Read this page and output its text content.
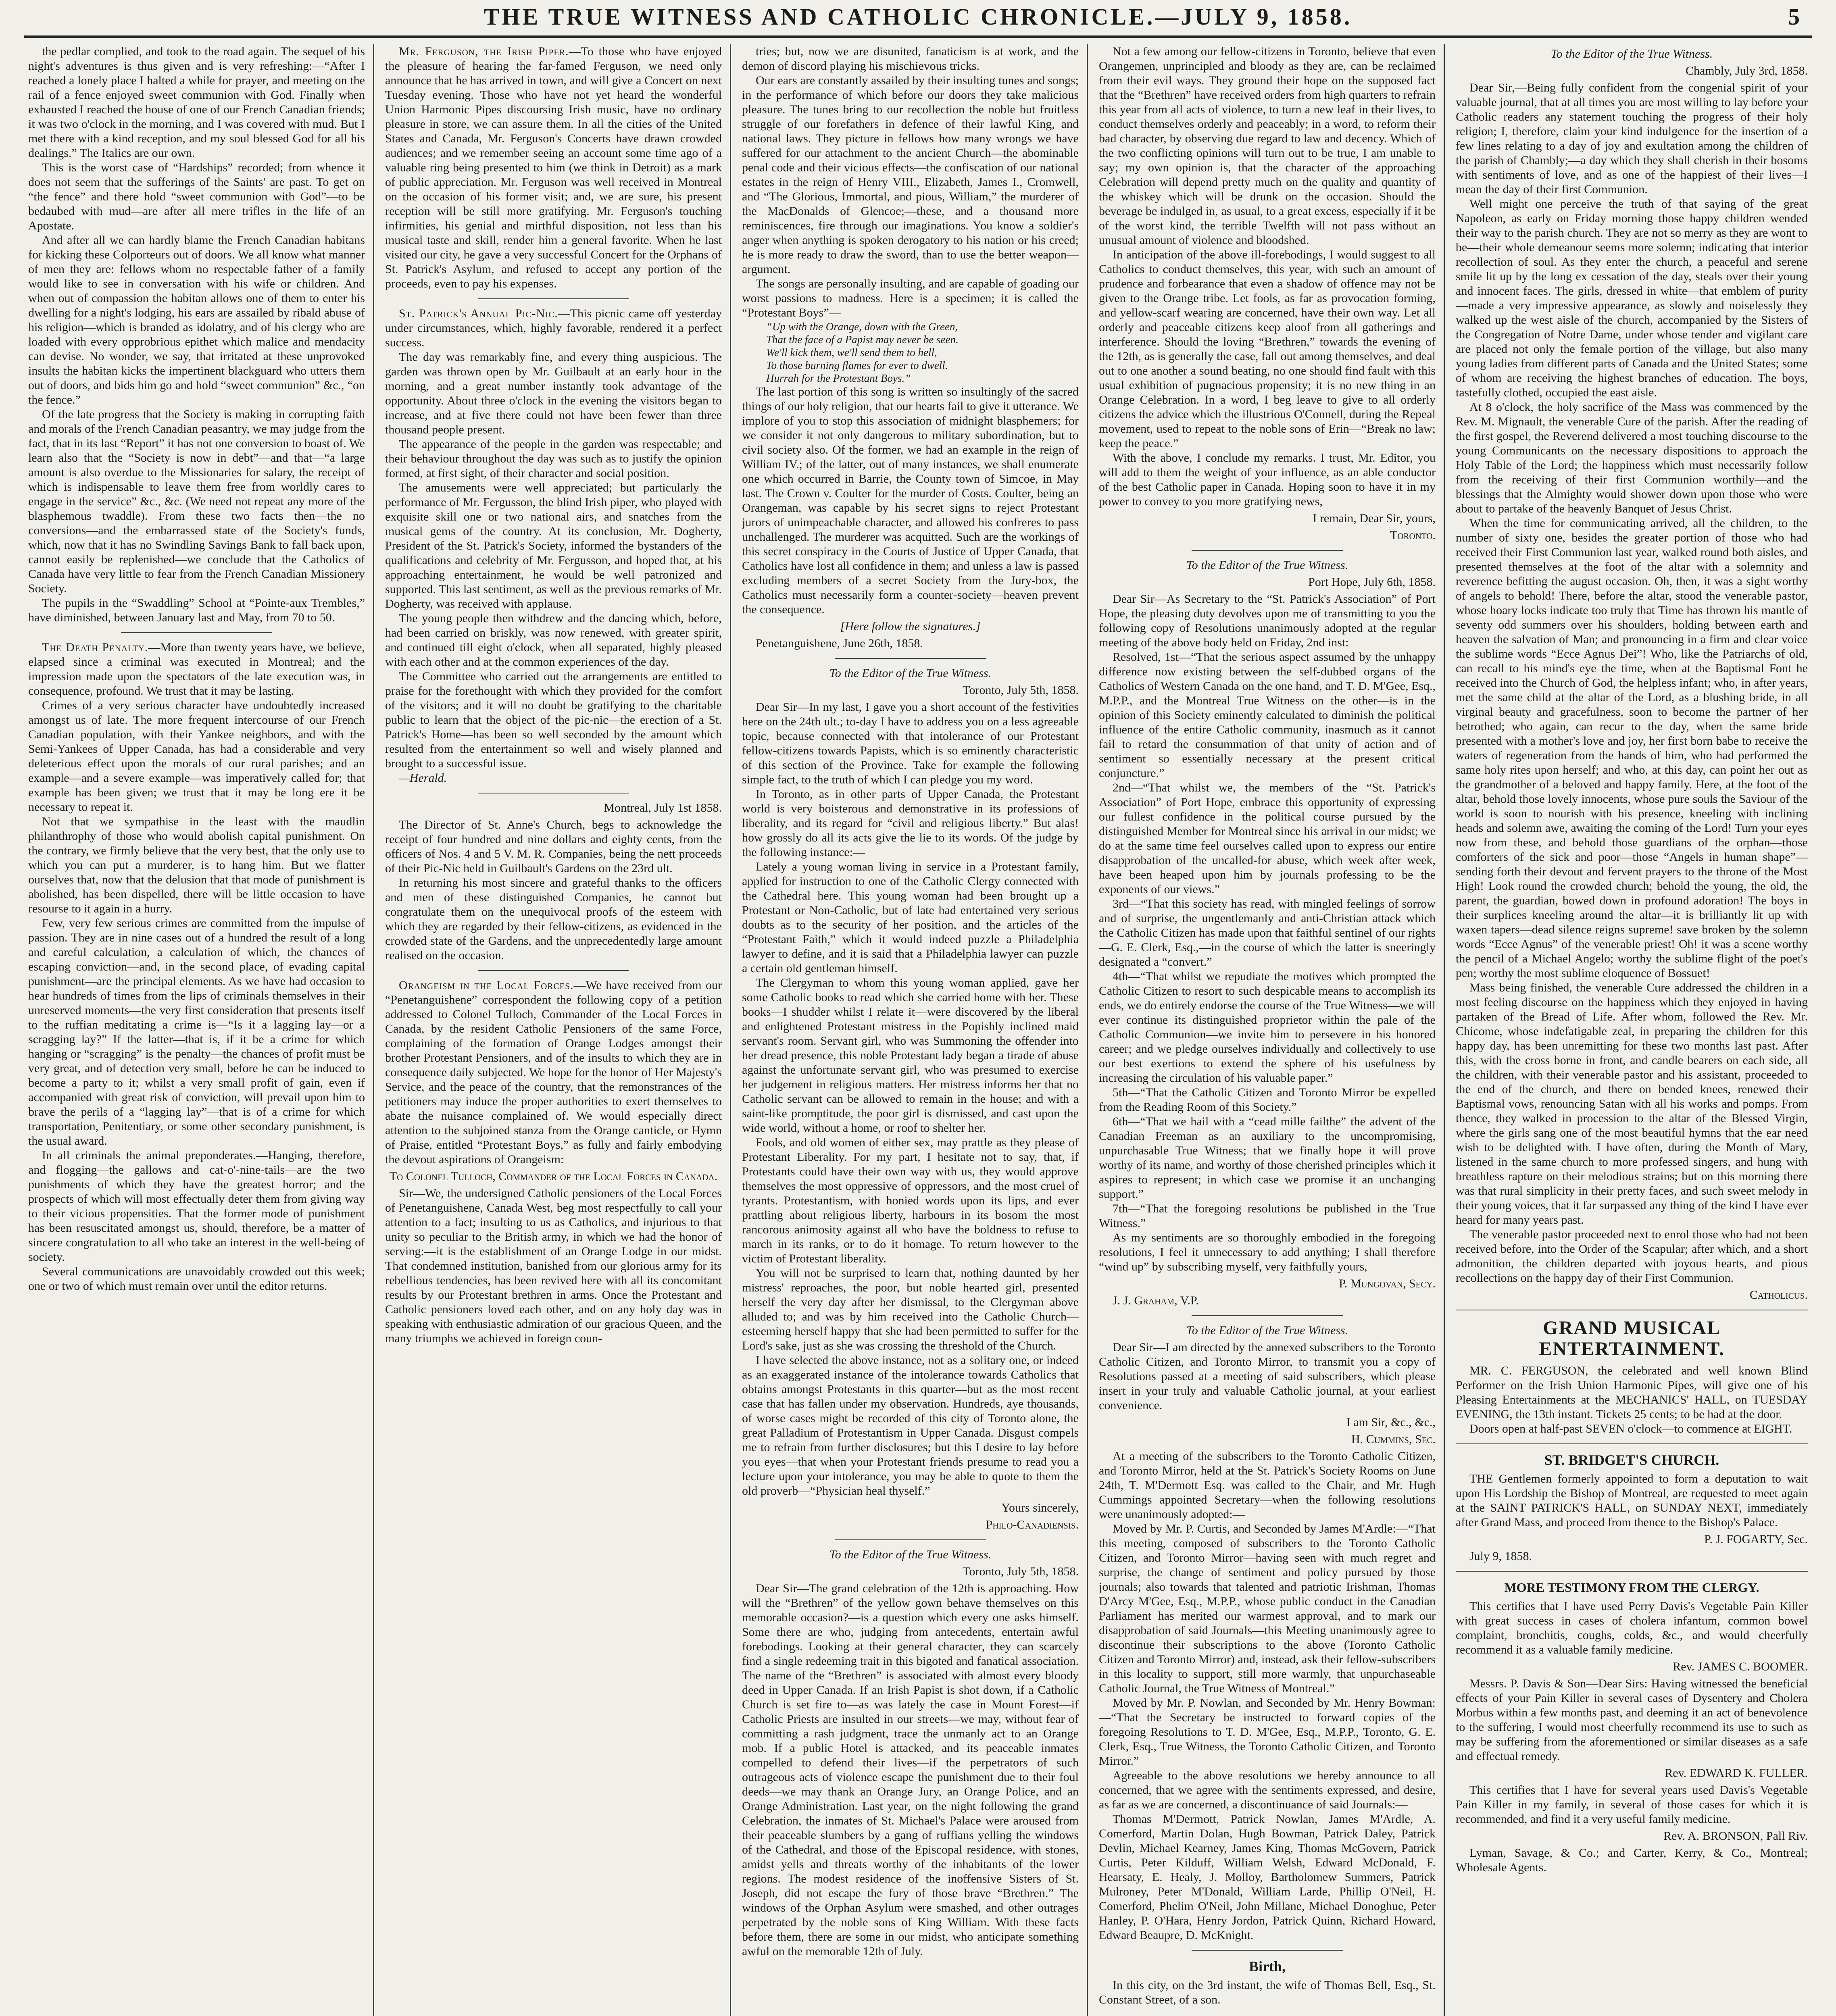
THE TRUE WITNESS AND CATHOLIC CHRONICLE.—JULY 9, 1858.	5

the pedlar complied, and took to the road again. The sequel of his night's adventures is thus given and is very refreshing:—“After I reached a lonely place I halted a while for prayer, and meeting on the rail of a fence enjoyed sweet communion with God. Finally when exhausted I reached the house of one of our French Canadian friends; it was two o'clock in the morning, and I was covered with mud. But I met there with a kind reception, and my soul blessed God for all his dealings.” The Italics are our own.

This is the worst case of “Hardships” recorded; from whence it does not seem that the sufferings of the Saints' are past. To get on “the fence” and there hold “sweet communion with God”—to be bedaubed with mud—are after all mere trifles in the life of an Apostate.

And after all we can hardly blame the French Canadian habitans for kicking these Colporteurs out of doors. We all know what manner of men they are: fellows whom no respectable father of a family would like to see in conversation with his wife or children. And when out of compassion the habitan allows one of them to enter his dwelling for a night's lodging, his ears are assailed by ribald abuse of his religion—which is branded as idolatry, and of his clergy who are loaded with every opprobrious epithet which malice and mendacity can devise. No wonder, we say, that irritated at these unprovoked insults the habitan kicks the impertinent blackguard who utters them out of doors, and bids him go and hold “sweet communion” &c., “on the fence.”

Of the late progress that the Society is making in corrupting faith and morals of the French Canadian peasantry, we may judge from the fact, that in its last “Report” it has not one conversion to boast of. We learn also that the “Society is now in debt”—and that—“a large amount is also overdue to the Missionaries for salary, the receipt of which is indispensable to leave them free from worldly cares to engage in the service” &c., &c. (We need not repeat any more of the blasphemous twaddle). From these two facts then—the no conversions—and the embarrassed state of the Society's funds, which, now that it has no Swindling Savings Bank to fall back upon, cannot easily be replenished—we conclude that the Catholics of Canada have very little to fear from the French Canadian Missionery Society.

The pupils in the “Swaddling” School at “Pointe-aux Trembles,” have diminished, between January last and May, from 70 to 50.

The Death Penalty.—More than twenty years have, we believe, elapsed since a criminal was executed in Montreal; and the impression made upon the spectators of the late execution was, in consequence, profound. We trust that it may be lasting.

Crimes of a very serious character have undoubtedly increased amongst us of late. The more frequent intercourse of our French Canadian population, with their Yankee neighbors, and with the Semi-Yankees of Upper Canada, has had a considerable and very deleterious effect upon the morals of our rural parishes; and an example—and a severe example—was imperatively called for; that example has been given; we trust that it may be long ere it be necessary to repeat it.

Not that we sympathise in the least with the maudlin philanthrophy of those who would abolish capital punishment. On the contrary, we firmly believe that the very best, that the only use to which you can put a murderer, is to hang him. But we flatter ourselves that, now that the delusion that that mode of punishment is abolished, has been dispelled, there will be little occasion to have resourse to it again in a hurry.

Few, very few serious crimes are committed from the impulse of passion. They are in nine cases out of a hundred the result of a long and careful calculation, a calculation of which, the chances of escaping conviction—and, in the second place, of evading capital punishment—are the principal elements. As we have had occasion to hear hundreds of times from the lips of criminals themselves in their unreserved moments—the very first consideration that presents itself to the ruffian meditating a crime is—“Is it a lagging lay—or a scragging lay?” If the latter—that is, if it be a crime for which hanging or “scragging” is the penalty—the chances of profit must be very great, and of detection very small, before he can be induced to become a party to it; whilst a very small profit of gain, even if accompanied with great risk of conviction, will prevail upon him to brave the perils of a “lagging lay”—that is of a crime for which transportation, Penitentiary, or some other secondary punishment, is the usual award.

In all criminals the animal preponderates.—Hanging, therefore, and flogging—the gallows and cat-o'-nine-tails—are the two punishments of which they have the greatest horror; and the prospects of which will most effectually deter them from giving way to their vicious propensities. That the former mode of punishment has been resuscitated amongst us, should, therefore, be a matter of sincere congratulation to all who take an interest in the well-being of society.

Several communications are unavoidably crowded out this week; one or two of which must remain over until the editor returns.

Mr. Ferguson, the Irish Piper.—To those who have enjoyed the pleasure of hearing the far-famed Ferguson, we need only announce that he has arrived in town, and will give a Concert on next Tuesday evening. Those who have not yet heard the wonderful Union Harmonic Pipes discoursing Irish music, have no ordinary pleasure in store, we can assure them. In all the cities of the United States and Canada, Mr. Ferguson's Concerts have drawn crowded audiences; and we remember seeing an account some time ago of a valuable ring being presented to him (we think in Detroit) as a mark of public appreciation. Mr. Ferguson was well received in Montreal on the occasion of his former visit; and, we are sure, his present reception will be still more gratifying. Mr. Ferguson's touching infirmities, his genial and mirthful disposition, not less than his musical taste and skill, render him a general favorite. When he last visited our city, he gave a very successful Concert for the Orphans of St. Patrick's Asylum, and refused to accept any portion of the proceeds, even to pay his expenses.

St. Patrick's Annual Pic-Nic.—This picnic came off yesterday under circumstances, which, highly favorable, rendered it a perfect success.

The day was remarkably fine, and every thing auspicious. The garden was thrown open by Mr. Guilbault at an early hour in the morning, and a great number instantly took advantage of the opportunity. About three o'clock in the evening the visitors began to increase, and at five there could not have been fewer than three thousand people present.

The appearance of the people in the garden was respectable; and their behaviour throughout the day was such as to justify the opinion formed, at first sight, of their character and social position.

The amusements were well appreciated; but particularly the performance of Mr. Fergusson, the blind Irish piper, who played with exquisite skill one or two national airs, and snatches from the musical gems of the country. At its conclusion, Mr. Dogherty, President of the St. Patrick's Society, informed the bystanders of the qualifications and celebrity of Mr. Fergusson, and hoped that, at his approaching entertainment, he would be well patronized and supported. This last sentiment, as well as the previous remarks of Mr. Dogherty, was received with applause.

The young people then withdrew and the dancing which, before, had been carried on briskly, was now renewed, with greater spirit, and continued till eight o'clock, when all separated, highly pleased with each other and at the common experiences of the day.

The Committee who carried out the arrangements are entitled to praise for the forethought with which they provided for the comfort of the visitors; and it will no doubt be gratifying to the charitable public to learn that the object of the pic-nic—the erection of a St. Patrick's Home—has been so well seconded by the amount which resulted from the entertainment so well and wisely planned and brought to a successful issue.

—Herald.

Montreal, July 1st 1858.

The Director of St. Anne's Church, begs to acknowledge the receipt of four hundred and nine dollars and eighty cents, from the officers of Nos. 4 and 5 V. M. R. Companies, being the nett proceeds of their Pic-Nic held in Guilbault's Gardens on the 23rd ult.

In returning his most sincere and grateful thanks to the officers and men of these distinguished Companies, he cannot but congratulate them on the unequivocal proofs of the esteem with which they are regarded by their fellow-citizens, as evidenced in the crowded state of the Gardens, and the unprecedentedly large amount realised on the occasion.

Orangeism in the Local Forces.—We have received from our “Penetanguishene” correspondent the following copy of a petition addressed to Colonel Tulloch, Commander of the Local Forces in Canada, by the resident Catholic Pensioners of the same Force, complaining of the formation of Orange Lodges amongst their brother Protestant Pensioners, and of the insults to which they are in consequence daily subjected. We hope for the honor of Her Majesty's Service, and the peace of the country, that the remonstrances of the petitioners may induce the proper authorities to exert themselves to abate the nuisance complained of. We would especially direct attention to the subjoined stanza from the Orange canticle, or Hymn of Praise, entitled “Protestant Boys,” as fully and fairly embodying the devout aspirations of Orangeism:

To Colonel Tulloch, Commander of the Local Forces in Canada.

Sir—We, the undersigned Catholic pensioners of the Local Forces of Penetanguishene, Canada West, beg most respectfully to call your attention to a fact; insulting to us as Catholics, and injurious to that unity so peculiar to the British army, in which we had the honor of serving:—it is the establishment of an Orange Lodge in our midst. That condemned institution, banished from our glorious army for its rebellious tendencies, has been revived here with all its concomitant results by our Protestant brethren in arms. Once the Protestant and Catholic pensioners loved each other, and on any holy day was in speaking with enthusiastic admiration of our gracious Queen, and the many triumphs we achieved in foreign coun-

tries; but, now we are disunited, fanaticism is at work, and the demon of discord playing his mischievous tricks.

Our ears are constantly assailed by their insulting tunes and songs; in the performance of which before our doors they take malicious pleasure. The tunes bring to our recollection the noble but fruitless struggle of our forefathers in defence of their lawful King, and national laws. They picture in fellows how many wrongs we have suffered for our attachment to the ancient Church—the abominable penal code and their vicious effects—the confiscation of our national estates in the reign of Henry VIII., Elizabeth, James I., Cromwell, and “The Glorious, Immortal, and pious, William,” the murderer of the MacDonalds of Glencoe;—these, and a thousand more reminiscences, fire through our imaginations. You know a soldier's anger when anything is spoken derogatory to his nation or his creed; he is more ready to draw the sword, than to use the better weapon—argument.

The songs are personally insulting, and are capable of goading our worst passions to madness. Here is a specimen; it is called the “Protestant Boys”—

“Up with the Orange, down with the Green,

That the face of a Papist may never be seen.

We'll kick them, we'll send them to hell,

To those burning flames for ever to dwell.

Hurrah for the Protestant Boys.”

The last portion of this song is written so insultingly of the sacred things of our holy religion, that our hearts fail to give it utterance. We implore of you to stop this association of midnight blasphemers; for we consider it not only dangerous to military subordination, but to civil society also. Of the former, we had an example in the reign of William IV.; of the latter, out of many instances, we shall enumerate one which occurred in Barrie, the County town of Simcoe, in May last. The Crown v. Coulter for the murder of Costs. Coulter, being an Orangeman, was capable by his secret signs to reject Protestant jurors of unimpeachable character, and allowed his confreres to pass unchallenged. The murderer was acquitted. Such are the workings of this secret conspiracy in the Courts of Justice of Upper Canada, that Catholics have lost all confidence in them; and unless a law is passed excluding members of a secret Society from the Jury-box, the Catholics must necessarily form a counter-society—heaven prevent the consequence.

[Here follow the signatures.]

Penetanguishene, June 26th, 1858.

To the Editor of the True Witness.

Toronto, July 5th, 1858.

Dear Sir—In my last, I gave you a short account of the festivities here on the 24th ult.; to-day I have to address you on a less agreeable topic, because connected with that intolerance of our Protestant fellow-citizens towards Papists, which is so eminently characteristic of this section of the Province. Take for example the following simple fact, to the truth of which I can pledge you my word.

In Toronto, as in other parts of Upper Canada, the Protestant world is very boisterous and demonstrative in its professions of liberality, and its regard for “civil and religious liberty.” But alas! how grossly do all its acts give the lie to its words. Of the judge by the following instance:—

Lately a young woman living in service in a Protestant family, applied for instruction to one of the Catholic Clergy connected with the Cathedral here. This young woman had been brought up a Protestant or Non-Catholic, but of late had entertained very serious doubts as to the security of her position, and the articles of the “Protestant Faith,” which it would indeed puzzle a Philadelphia lawyer to define, and it is said that a Philadelphia lawyer can puzzle a certain old gentleman himself.

The Clergyman to whom this young woman applied, gave her some Catholic books to read which she carried home with her. These books—I shudder whilst I relate it—were discovered by the liberal and enlightened Protestant mistress in the Popishly inclined maid servant's room. Servant girl, who was Summoning the offender into her dread presence, this noble Protestant lady began a tirade of abuse against the unfortunate servant girl, who was presumed to exercise her judgement in religious matters. Her mistress informs her that no Catholic servant can be allowed to remain in the house; and with a saint-like promptitude, the poor girl is dismissed, and cast upon the wide world, without a home, or roof to shelter her.

Fools, and old women of either sex, may prattle as they please of Protestant Liberality. For my part, I hesitate not to say, that, if Protestants could have their own way with us, they would approve themselves the most oppressive of oppressors, and the most cruel of tyrants. Protestantism, with honied words upon its lips, and ever prattling about religious liberty, harbours in its bosom the most rancorous animosity against all who have the boldness to refuse to march in its ranks, or to do it homage. To return however to the victim of Protestant liberality.

You will not be surprised to learn that, nothing daunted by her mistress' reproaches, the poor, but noble hearted girl, presented herself the very day after her dismissal, to the Clergyman above alluded to; and was by him received into the Catholic Church—esteeming herself happy that she had been permitted to suffer for the Lord's sake, just as she was crossing the threshold of the Church.

I have selected the above instance, not as a solitary one, or indeed as an exaggerated instance of the intolerance towards Catholics that obtains amongst Protestants in this quarter—but as the most recent case that has fallen under my observation. Hundreds, aye thousands, of worse cases might be recorded of this city of Toronto alone, the great Palladium of Protestantism in Upper Canada. Disgust compels me to refrain from further disclosures; but this I desire to lay before you eyes—that when your Protestant friends presume to read you a lecture upon your intolerance, you may be able to quote to them the old proverb—“Physician heal thyself.”

Yours sincerely,

Philo-Canadiensis.

To the Editor of the True Witness.

Toronto, July 5th, 1858.

Dear Sir—The grand celebration of the 12th is approaching. How will the “Brethren” of the yellow gown behave themselves on this memorable occasion?—is a question which every one asks himself. Some there are who, judging from antecedents, entertain awful forebodings. Looking at their general character, they can scarcely find a single redeeming trait in this bigoted and fanatical association. The name of the “Brethren” is associated with almost every bloody deed in Upper Canada. If an Irish Papist is shot down, if a Catholic Church is set fire to—as was lately the case in Mount Forest—if Catholic Priests are insulted in our streets—we may, without fear of committing a rash judgment, trace the unmanly act to an Orange mob. If a public Hotel is attacked, and its peaceable inmates compelled to defend their lives—if the perpetrators of such outrageous acts of violence escape the punishment due to their foul deeds—we may thank an Orange Jury, an Orange Police, and an Orange Administration. Last year, on the night following the grand Celebration, the inmates of St. Michael's Palace were aroused from their peaceable slumbers by a gang of ruffians yelling the windows of the Cathedral, and those of the Episcopal residence, with stones, amidst yells and threats worthy of the inhabitants of the lower regions. The modest residence of the inoffensive Sisters of St. Joseph, did not escape the fury of those brave “Brethren.” The windows of the Orphan Asylum were smashed, and other outrages perpetrated by the noble sons of King William. With these facts before them, there are some in our midst, who anticipate something awful on the memorable 12th of July.

Not a few among our fellow-citizens in Toronto, believe that even Orangemen, unprincipled and bloody as they are, can be reclaimed from their evil ways. They ground their hope on the supposed fact that the “Brethren” have received orders from high quarters to refrain this year from all acts of violence, to turn a new leaf in their lives, to conduct themselves orderly and peaceably; in a word, to reform their bad character, by observing due regard to law and decency. Which of the two conflicting opinions will turn out to be true, I am unable to say; my own opinion is, that the character of the approaching Celebration will depend pretty much on the quality and quantity of the whiskey which will be drunk on the occasion. Should the beverage be indulged in, as usual, to a great excess, especially if it be of the worst kind, the terrible Twelfth will not pass without an unusual amount of violence and bloodshed.

In anticipation of the above ill-forebodings, I would suggest to all Catholics to conduct themselves, this year, with such an amount of prudence and forbearance that even a shadow of offence may not be given to the Orange tribe. Let fools, as far as provocation forming, and yellow-scarf wearing are concerned, have their own way. Let all orderly and peaceable citizens keep aloof from all gatherings and interference. Should the loving “Brethren,” towards the evening of the 12th, as is generally the case, fall out among themselves, and deal out to one another a sound beating, no one should find fault with this usual exhibition of pugnacious propensity; it is no new thing in an Orange Celebration. In a word, I beg leave to give to all orderly citizens the advice which the illustrious O'Connell, during the Repeal movement, used to repeat to the noble sons of Erin—“Break no law; keep the peace.”

With the above, I conclude my remarks. I trust, Mr. Editor, you will add to them the weight of your influence, as an able conductor of the best Catholic paper in Canada. Hoping soon to have it in my power to convey to you more gratifying news,

I remain, Dear Sir, yours,

Toronto.

To the Editor of the True Witness.

Port Hope, July 6th, 1858.

Dear Sir—As Secretary to the “St. Patrick's Association” of Port Hope, the pleasing duty devolves upon me of transmitting to you the following copy of Resolutions unanimously adopted at the regular meeting of the above body held on Friday, 2nd inst:

Resolved, 1st—“That the serious aspect assumed by the unhappy difference now existing between the self-dubbed organs of the Catholics of Western Canada on the one hand, and T. D. M'Gee, Esq., M.P.P., and the Montreal True Witness on the other—is in the opinion of this Society eminently calculated to diminish the political influence of the entire Catholic community, inasmuch as it cannot fail to retard the consummation of that unity of action and of sentiment so essentially necessary at the present critical conjuncture.”

2nd—“That whilst we, the members of the “St. Patrick's Association” of Port Hope, embrace this opportunity of expressing our fullest confidence in the political course pursued by the distinguished Member for Montreal since his arrival in our midst; we do at the same time feel ourselves called upon to express our entire disapprobation of the uncalled-for abuse, which week after week, have been heaped upon him by journals professing to be the exponents of our views.”

3rd—“That this society has read, with mingled feelings of sorrow and of surprise, the ungentlemanly and anti-Christian attack which the Catholic Citizen has made upon that faithful sentinel of our rights—G. E. Clerk, Esq.,—in the course of which the latter is sneeringly designated a “convert.”

4th—“That whilst we repudiate the motives which prompted the Catholic Citizen to resort to such despicable means to accomplish its ends, we do entirely endorse the course of the True Witness—we will ever continue its distinguished proprietor within the pale of the Catholic Communion—we invite him to persevere in his honored career; and we pledge ourselves individually and collectively to use our best exertions to extend the sphere of his usefulness by increasing the circulation of his valuable paper.”

5th—“That the Catholic Citizen and Toronto Mirror be expelled from the Reading Room of this Society.”

6th—“That we hail with a “cead mille failthe” the advent of the Canadian Freeman as an auxiliary to the uncompromising, unpurchasable True Witness; that we finally hope it will prove worthy of its name, and worthy of those cherished principles which it aspires to represent; in which case we promise it an unchanging support.”

7th—“That the foregoing resolutions be published in the True Witness.”

As my sentiments are so thoroughly embodied in the foregoing resolutions, I feel it unnecessary to add anything; I shall therefore “wind up” by subscribing myself, very faithfully yours,

P. Mungovan, Secy.

J. J. Graham, V.P.

To the Editor of the True Witness.

Dear Sir—I am directed by the annexed subscribers to the Toronto Catholic Citizen, and Toronto Mirror, to transmit you a copy of Resolutions passed at a meeting of said subscribers, which please insert in your truly and valuable Catholic journal, at your earliest convenience.

I am Sir, &c., &c.,

H. Cummins, Sec.

At a meeting of the subscribers to the Toronto Catholic Citizen, and Toronto Mirror, held at the St. Patrick's Society Rooms on June 24th, T. M'Dermott Esq. was called to the Chair, and Mr. Hugh Cummings appointed Secretary—when the following resolutions were unanimously adopted:—

Moved by Mr. P. Curtis, and Seconded by James M'Ardle:—“That this meeting, composed of subscribers to the Toronto Catholic Citizen, and Toronto Mirror—having seen with much regret and surprise, the change of sentiment and policy pursued by those journals; also towards that talented and patriotic Irishman, Thomas D'Arcy M'Gee, Esq., M.P.P., whose public conduct in the Canadian Parliament has merited our warmest approval, and to mark our disapprobation of said Journals—this Meeting unanimously agree to discontinue their subscriptions to the above (Toronto Catholic Citizen and Toronto Mirror) and, instead, ask their fellow-subscribers in this locality to support, still more warmly, that unpurchaseable Catholic Journal, the True Witness of Montreal.”

Moved by Mr. P. Nowlan, and Seconded by Mr. Henry Bowman:—“That the Secretary be instructed to forward copies of the foregoing Resolutions to T. D. M'Gee, Esq., M.P.P., Toronto, G. E. Clerk, Esq., True Witness, the Toronto Catholic Citizen, and Toronto Mirror.”

Agreeable to the above resolutions we hereby announce to all concerned, that we agree with the sentiments expressed, and desire, as far as we are concerned, a discontinuance of said Journals:—

Thomas M'Dermott, Patrick Nowlan, James M'Ardle, A. Comerford, Martin Dolan, Hugh Bowman, Patrick Daley, Patrick Devlin, Michael Kearney, James King, Thomas McGovern, Patrick Curtis, Peter Kilduff, William Welsh, Edward McDonald, F. Hearsaty, E. Healy, J. Molloy, Bartholomew Summers, Patrick Mulroney, Peter M'Donald, William Larde, Phillip O'Neil, H. Comerford, Phelim O'Neil, John Millane, Michael Donoghue, Peter Hanley, P. O'Hara, Henry Jordon, Patrick Quinn, Richard Howard, Edward Beaupre, D. McKnight.

Birth,

In this city, on the 3rd instant, the wife of Thomas Bell, Esq., St. Constant Street, of a son.

To the Editor of the True Witness.

Chambly, July 3rd, 1858.

Dear Sir,—Being fully confident from the congenial spirit of your valuable journal, that at all times you are most willing to lay before your Catholic readers any statement touching the progress of their holy religion; I, therefore, claim your kind indulgence for the insertion of a few lines relating to a day of joy and exultation among the children of the parish of Chambly;—a day which they shall cherish in their bosoms with sentiments of love, and as one of the happiest of their lives—I mean the day of their first Communion.

Well might one perceive the truth of that saying of the great Napoleon, as early on Friday morning those happy children wended their way to the parish church. They are not so merry as they are wont to be—their whole demeanour seems more solemn; indicating that interior recollection of soul. As they enter the church, a peaceful and serene smile lit up by the long ex cessation of the day, steals over their young and innocent faces. The girls, dressed in white—that emblem of purity—made a very impressive appearance, as slowly and noiselessly they walked up the west aisle of the church, accompanied by the Sisters of the Congregation of Notre Dame, under whose tender and vigilant care are placed not only the female portion of the village, but also many young ladies from different parts of Canada and the United States; some of whom are receiving the highest branches of education. The boys, tastefully clothed, occupied the east aisle.

At 8 o'clock, the holy sacrifice of the Mass was commenced by the Rev. M. Mignault, the venerable Cure of the parish. After the reading of the first gospel, the Reverend delivered a most touching discourse to the young Communicants on the necessary dispositions to approach the Holy Table of the Lord; the happiness which must necessarily follow from the receiving of their first Communion worthily—and the blessings that the Almighty would shower down upon those who were about to partake of the heavenly Banquet of Jesus Christ.

When the time for communicating arrived, all the children, to the number of sixty one, besides the greater portion of those who had received their First Communion last year, walked round both aisles, and presented themselves at the foot of the altar with a solemnity and reverence befitting the august occasion. Oh, then, it was a sight worthy of angels to behold! There, before the altar, stood the venerable pastor, whose hoary locks indicate too truly that Time has thrown his mantle of seventy odd summers over his shoulders, holding between earth and heaven the salvation of Man; and pronouncing in a firm and clear voice the sublime words “Ecce Agnus Dei”! Who, like the Patriarchs of old, can recall to his mind's eye the time, when at the Baptismal Font he received into the Church of God, the helpless infant; who, in after years, met the same child at the altar of the Lord, as a blushing bride, in all virginal beauty and gracefulness, soon to become the partner of her betrothed; who again, can recur to the day, when the same bride presented with a mother's love and joy, her first born babe to receive the waters of regeneration from the hands of him, who had performed the same holy rites upon herself; and who, at this day, can point her out as the grandmother of a beloved and happy family. Here, at the foot of the altar, behold those lovely innocents, whose pure souls the Saviour of the world is soon to nourish with his presence, kneeling with inclining heads and solemn awe, awaiting the coming of the Lord! Turn your eyes now from these, and behold those guardians of the orphan—those comforters of the sick and poor—those “Angels in human shape”—sending forth their devout and fervent prayers to the throne of the Most High! Look round the crowded church; behold the young, the old, the parent, the guardian, bowed down in profound adoration! The boys in their surplices kneeling around the altar—it is brilliantly lit up with waxen tapers—dead silence reigns supreme! save broken by the solemn words “Ecce Agnus” of the venerable priest! Oh! it was a scene worthy the pencil of a Michael Angelo; worthy the sublime flight of the poet's pen; worthy the most sublime eloquence of Bossuet!

Mass being finished, the venerable Cure addressed the children in a most feeling discourse on the happiness which they enjoyed in having partaken of the Bread of Life. After whom, followed the Rev. Mr. Chicome, whose indefatigable zeal, in preparing the children for this happy day, has been unremitting for these two months last past. After this, with the cross borne in front, and candle bearers on each side, all the children, with their venerable pastor and his assistant, proceeded to the end of the church, and there on bended knees, renewed their Baptismal vows, renouncing Satan with all his works and pomps. From thence, they walked in procession to the altar of the Blessed Virgin, where the girls sang one of the most beautiful hymns that the ear need wish to be delighted with. I have often, during the Month of Mary, listened in the same church to more professed singers, and hung with breathless rapture on their melodious strains; but on this morning there was that rural simplicity in their pretty faces, and such sweet melody in their young voices, that it far surpassed any thing of the kind I have ever heard for many years past.

The venerable pastor proceeded next to enrol those who had not been received before, into the Order of the Scapular; after which, and a short admonition, the children departed with joyous hearts, and pious recollections on the happy day of their First Communion.

Catholicus.

GRAND MUSICAL ENTERTAINMENT.

MR. C. FERGUSON, the celebrated and well known Blind Performer on the Irish Union Harmonic Pipes, will give one of his Pleasing Entertainments at the MECHANICS' HALL, on TUESDAY EVENING, the 13th instant. Tickets 25 cents; to be had at the door.

Doors open at half-past SEVEN o'clock—to commence at EIGHT.

ST. BRIDGET'S CHURCH.

THE Gentlemen formerly appointed to form a deputation to wait upon His Lordship the Bishop of Montreal, are requested to meet again at the SAINT PATRICK'S HALL, on SUNDAY NEXT, immediately after Grand Mass, and proceed from thence to the Bishop's Palace.

P. J. FOGARTY, Sec.

July 9, 1858.

MORE TESTIMONY FROM THE CLERGY.

This certifies that I have used Perry Davis's Vegetable Pain Killer with great success in cases of cholera infantum, common bowel complaint, bronchitis, coughs, colds, &c., and would cheerfully recommend it as a valuable family medicine.

Rev. JAMES C. BOOMER.

Messrs. P. Davis & Son—Dear Sirs: Having witnessed the beneficial effects of your Pain Killer in several cases of Dysentery and Cholera Morbus within a few months past, and deeming it an act of benevolence to the suffering, I would most cheerfully recommend its use to such as may be suffering from the aforementioned or similar diseases as a safe and effectual remedy.

Rev. EDWARD K. FULLER.

This certifies that I have for several years used Davis's Vegetable Pain Killer in my family, in several of those cases for which it is recommended, and find it a very useful family medicine.

Rev. A. BRONSON, Pall Riv.

Lyman, Savage, & Co.; and Carter, Kerry, & Co., Montreal; Wholesale Agents.
